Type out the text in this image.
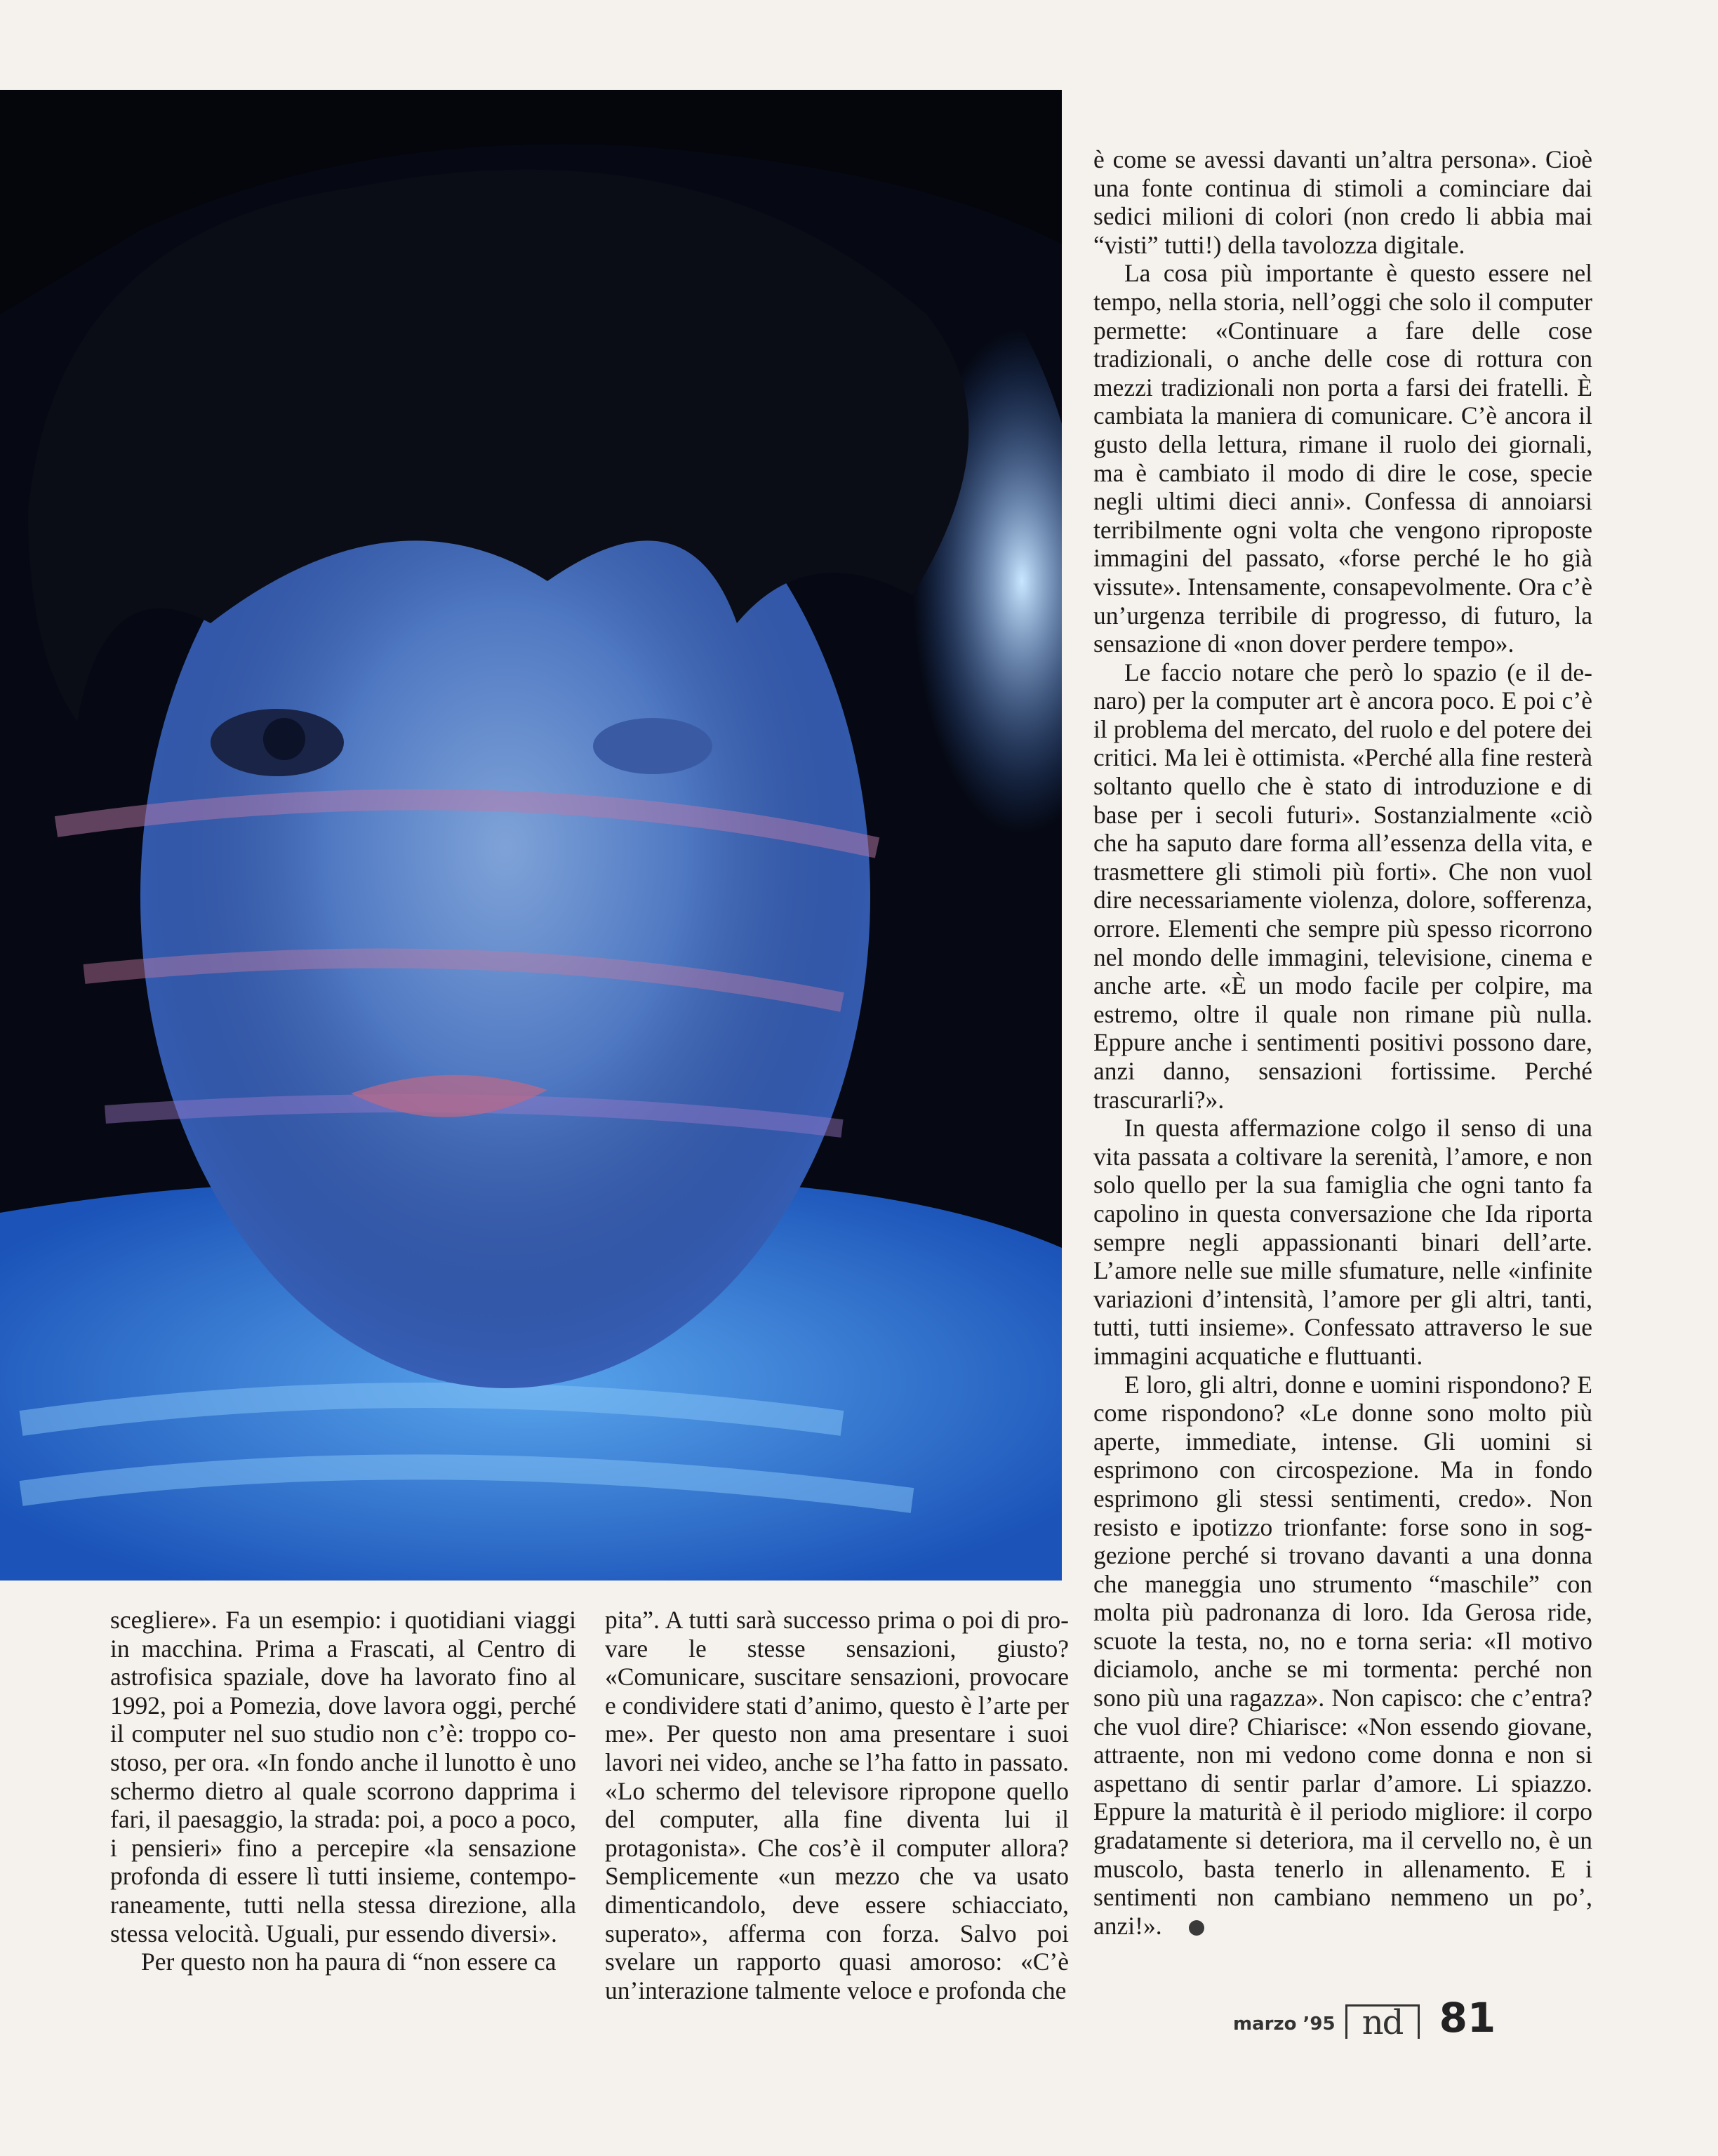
è come se avessi davanti un’altra persona». Cioè una fonte continua di stimoli a cominciare dai sedici milioni di colori (non credo li abbia mai “visti” tutti!) della tavolozza digitale.

La cosa più importante è questo essere nel tempo, nella storia, nell’oggi che solo il computer permette: «Continuare a fare delle cose tradizionali, o anche delle cose di rottura con mezzi tradizionali non porta a farsi dei fratelli. È cambiata la maniera di comunicare. C’è ancora il gusto della lettura, rimane il ruolo dei giornali, ma è cambiato il modo di dire le cose, specie negli ultimi dieci anni». Confessa di annoiarsi terribilmente ogni volta che vengono riproposte immagini del passato, «forse perché le ho già vissute». Intensamente, consapevolmente. Ora c’è un’urgenza terribile di progresso, di futuro, la sensazione di «non dover perdere tempo».

Le faccio notare che però lo spazio (e il denaro) per la computer art è ancora poco. E poi c’è il problema del mercato, del ruolo e del potere dei critici. Ma lei è ottimista. «Perché alla fine resterà soltanto quello che è stato di introduzione e di base per i secoli futuri». Sostanzialmente «ciò che ha saputo dare forma all’essenza della vita, e trasmettere gli stimoli più forti». Che non vuol dire necessariamente violenza, dolore, sofferenza, orrore. Elementi che sempre più spesso ricorrono nel mondo delle immagini, televisione, cinema e anche arte. «È un modo facile per colpire, ma estremo, oltre il quale non rimane più nulla. Eppure anche i sentimenti positivi possono dare, anzi danno, sensazioni fortissime. Perché trascurarli?».

In questa affermazione colgo il senso di una vita passata a coltivare la serenità, l’amore, e non solo quello per la sua famiglia che ogni tanto fa capolino in questa conversazione che Ida riporta sempre negli appassionanti binari dell’arte. L’amore nelle sue mille sfumature, nelle «infinite variazioni d’intensità, l’amore per gli altri, tanti, tutti, tutti insieme». Confessato attraverso le sue immagini acquatiche e fluttuanti.

E loro, gli altri, donne e uomini rispondono? E come rispondono? «Le donne sono molto più aperte, immediate, intense. Gli uomini si esprimono con circospezione. Ma in fondo esprimono gli stessi sentimenti, credo». Non resisto e ipotizzo trionfante: forse sono in soggezione perché si trovano davanti a una donna che maneggia uno strumento “maschile” con molta più padronanza di loro. Ida Gerosa ride, scuote la testa, no, no e torna seria: «Il motivo diciamolo, anche se mi tormenta: perché non sono più una ragazza». Non capisco: che c’entra? che vuol dire? Chiarisce: «Non essendo giovane, attraente, non mi vedono come donna e non si aspettano di sentir parlar d’amore. Li spiazzo. Eppure la maturità è il periodo migliore: il corpo gradatamente si deteriora, ma il cervello no, è un muscolo, basta tenerlo in allenamento. E i sentimenti non cambiano nemmeno un po’, anzi!».

sceglierе». Fa un esempio: i quotidiani viaggi in macchina. Prima a Frascati, al Centro di astrofisica spaziale, dove ha lavorato fino al 1992, poi a Pomezia, dove lavora oggi, perché il computer nel suo studio non c’è: troppo costoso, per ora. «In fondo anche il lunotto è uno schermo dietro al quale scorrono dapprima i fari, il paesaggio, la strada: poi, a poco a poco, i pensieri» fino a percepire «la sensazione profonda di essere lì tutti insieme, contemporaneamente, tutti nella stessa direzione, alla stessa velocità. Uguali, pur essendo diversi».

Per questo non ha paura di “non essere ca

pita”. A tutti sarà successo prima o poi di provare le stesse sensazioni, giusto? «Comunicare, suscitare sensazioni, provocare e condividere stati d’animo, questo è l’arte per me». Per questo non ama presentare i suoi lavori nei video, anche se l’ha fatto in passato. «Lo schermo del televisore ripropone quello del computer, alla fine diventa lui il protagonista». Che cos’è il computer allora? Semplicemente «un mezzo che va usato dimenticandolo, deve essere schiacciato, superato», afferma con forza. Salvo poi svelare un rapporto quasi amoroso: «C’è un’interazione talmente veloce e profonda che

marzo ’95 nd 81
